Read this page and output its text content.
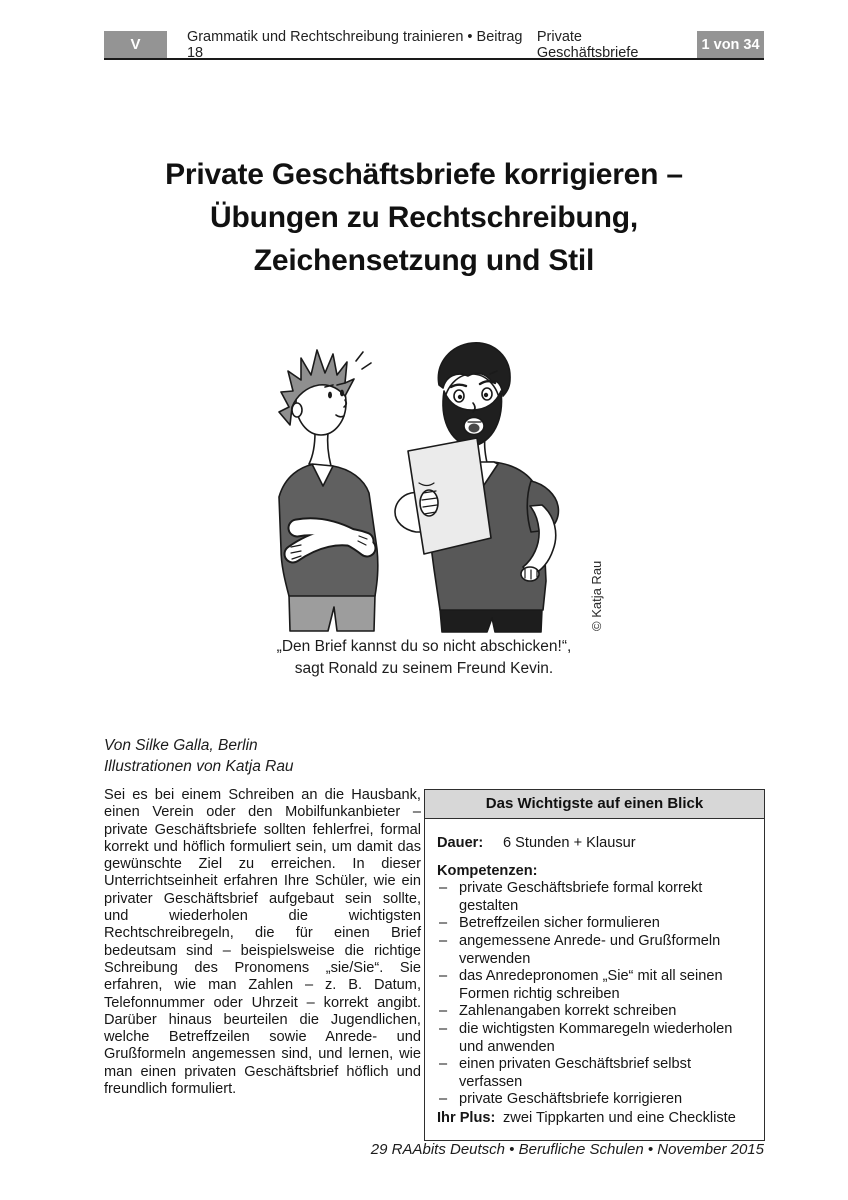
V	Grammatik und Rechtschreibung trainieren • Beitrag 18
Private Geschäftsbriefe	1 von 34
Private Geschäftsbriefe korrigieren –
Übungen zu Rechtschreibung,
Zeichensetzung und Stil
© Katja Rau
„Den Brief kannst du so nicht abschicken!“,
sagt Ronald zu seinem Freund Kevin.
Von Silke Galla, Berlin
Illustrationen von Katja Rau
Sei es bei einem Schreiben an die Hausbank, einen Verein oder den Mobilfunkanbieter – private Geschäftsbriefe sollten fehlerfrei, formal korrekt und höflich formuliert sein, um damit das gewünschte Ziel zu erreichen. In dieser Unterrichtseinheit erfahren Ihre Schüler, wie ein privater Geschäftsbrief aufgebaut sein sollte, und wiederholen die wichtigsten Rechtschreibregeln, die für einen Brief bedeutsam sind – beispielsweise die richtige Schreibung des Pronomens „sie/Sie“. Sie erfahren, wie man Zahlen – z. B. Datum, Telefonnummer oder Uhrzeit – korrekt angibt. Darüber hinaus beurteilen die Jugendlichen, welche Betreffzeilen sowie Anrede- und Grußformeln angemessen sind, und lernen, wie man einen privaten Geschäftsbrief höflich und freundlich formuliert.
Das Wichtigste auf einen Blick
Dauer:	6 Stunden + Klausur
Kompetenzen:
– private Geschäftsbriefe formal korrekt gestalten
– Betreffzeilen sicher formulieren
– angemessene Anrede- und Grußformeln verwenden
– das Anredepronomen „Sie“ mit all seinen Formen richtig schreiben
– Zahlenangaben korrekt schreiben
– die wichtigsten Kommaregeln wiederholen und anwenden
– einen privaten Geschäftsbrief selbst verfassen
– private Geschäftsbriefe korrigieren
Ihr Plus: zwei Tippkarten und eine Checkliste
29 RAAbits Deutsch • Berufliche Schulen • November 2015
